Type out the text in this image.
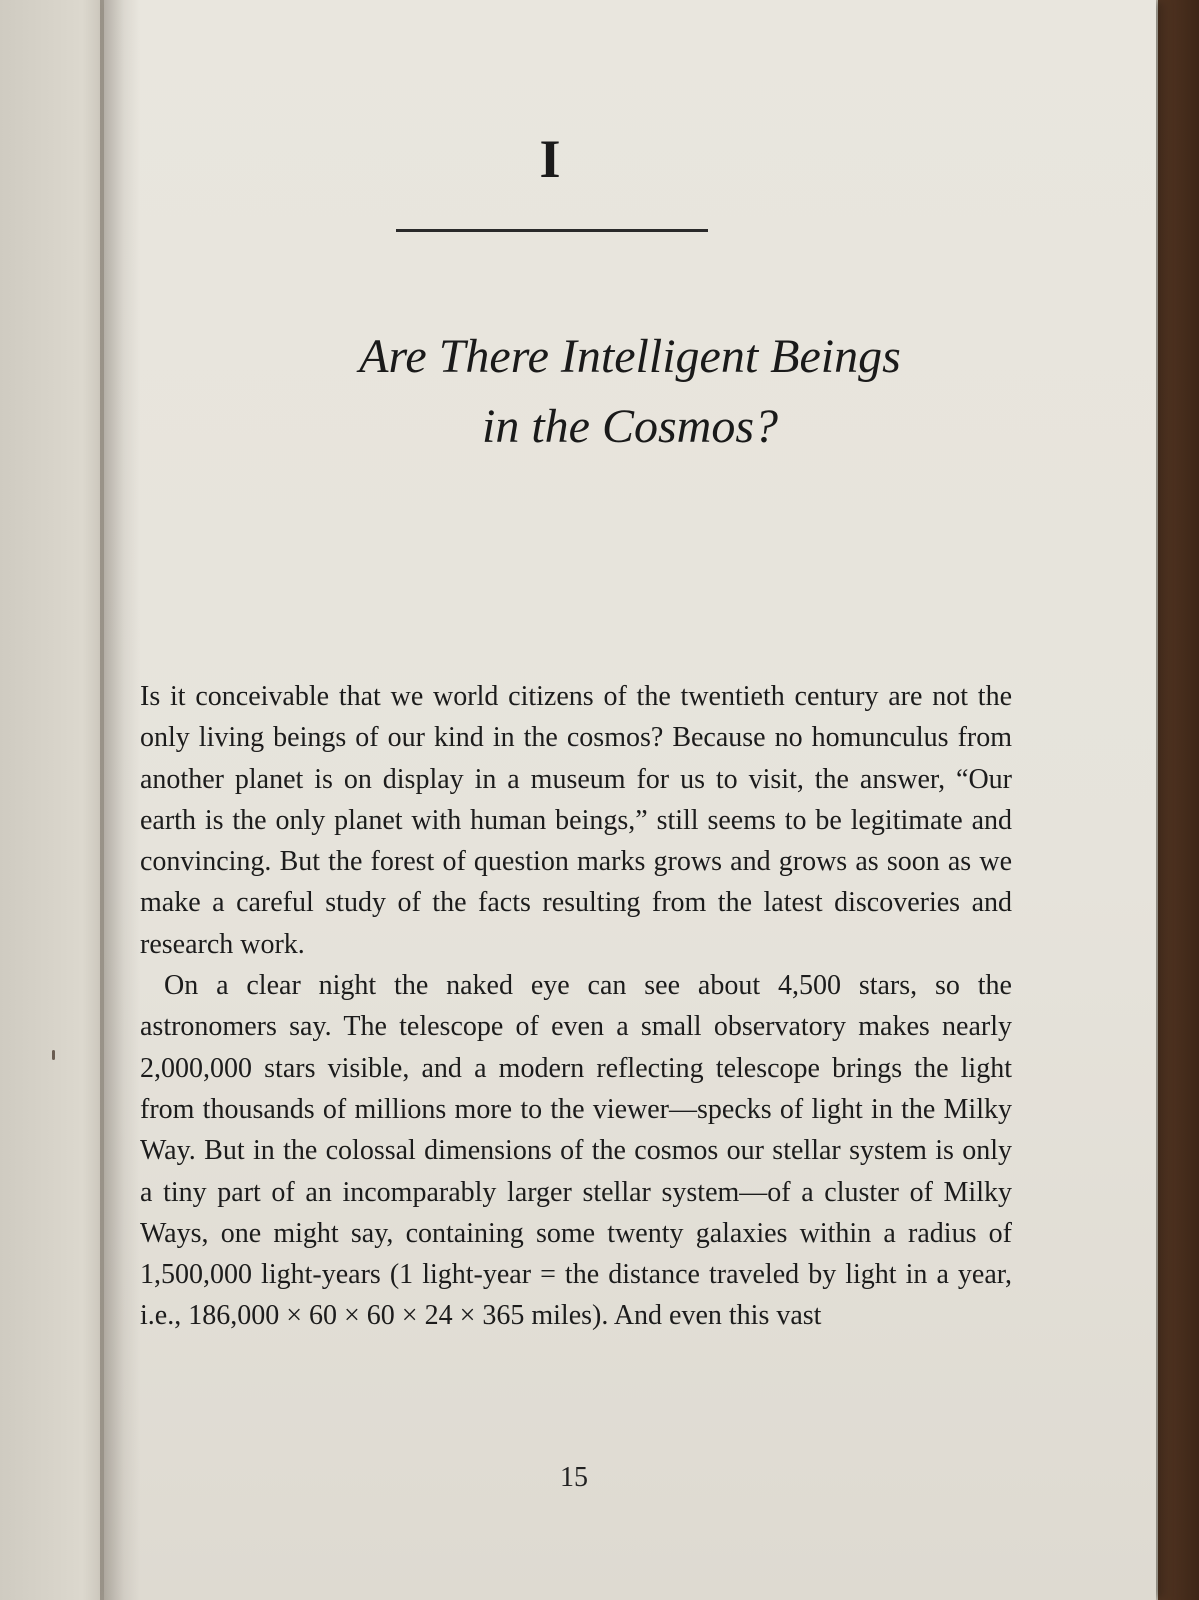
I
Are There Intelligent Beings
in the Cosmos?

Is it conceivable that we world citizens of the twentieth century are not the only living beings of our kind in the cosmos? Because no homunculus from another planet is on display in a museum for us to visit, the answer, “Our earth is the only planet with human beings,” still seems to be legitimate and convincing. But the forest of question marks grows and grows as soon as we make a careful study of the facts resulting from the latest discoveries and research work.

On a clear night the naked eye can see about 4,500 stars, so the astronomers say. The telescope of even a small observatory makes nearly 2,000,000 stars visible, and a modern reflecting telescope brings the light from thousands of millions more to the viewer—specks of light in the Milky Way. But in the colossal dimensions of the cosmos our stellar system is only a tiny part of an incomparably larger stellar system—of a cluster of Milky Ways, one might say, containing some twenty galaxies within a radius of 1,500,000 light-years (1 light-year = the distance traveled by light in a year, i.e., 186,000 × 60 × 60 × 24 × 365 miles). And even this vast

15
